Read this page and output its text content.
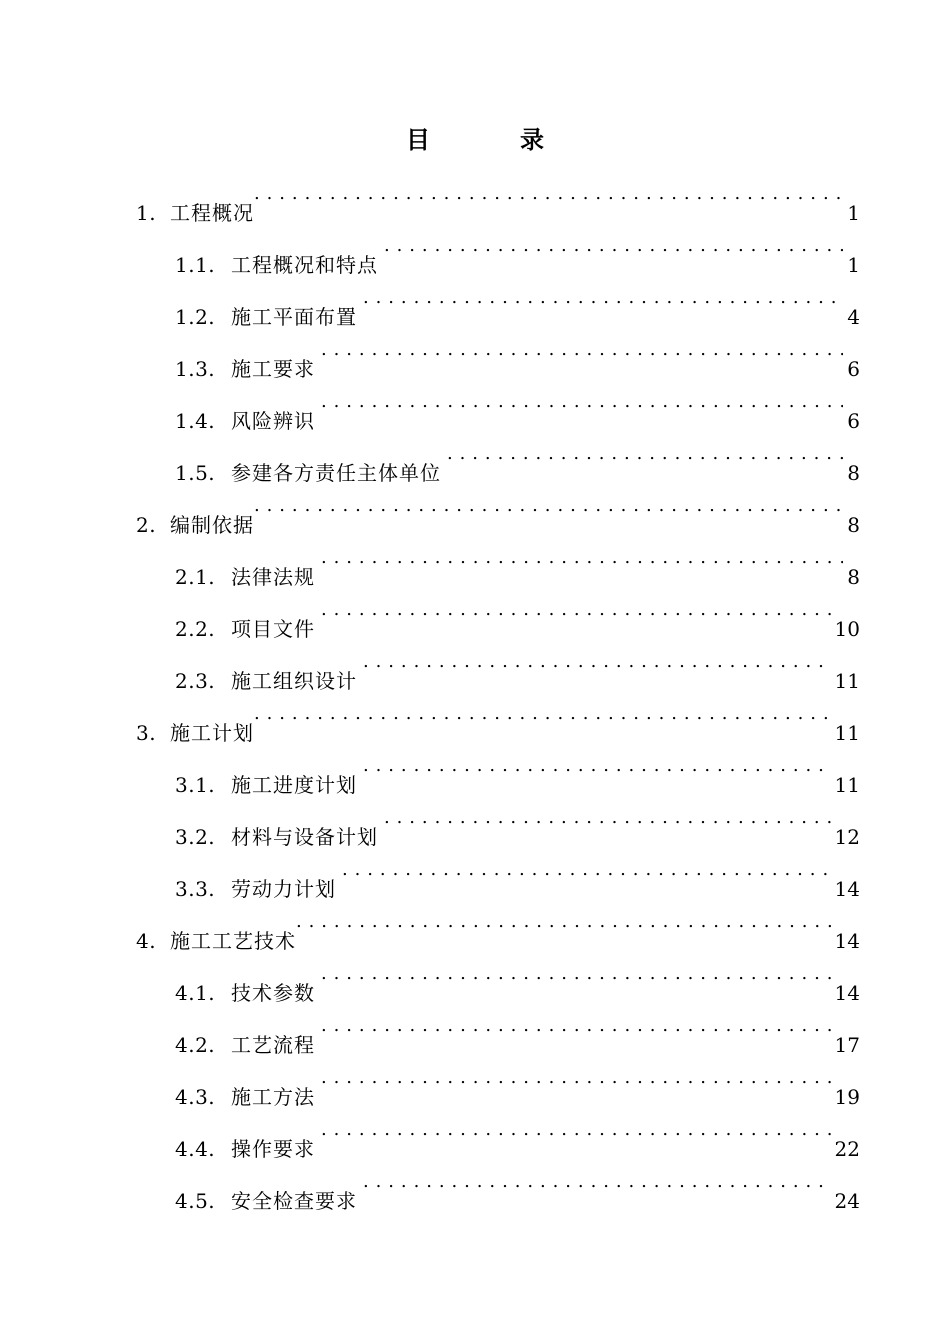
目	录
1. 工程概况 . . .	1
1.1. 工程概况和特点 . . .	1
1.2. 施工平面布置 . . .	4
1.3. 施工要求 . . .	6
1.4. 风险辨识 . . .	6
1.5. 参建各方责任主体单位 . . .	8
2. 编制依据 . . .	8
2.1. 法律法规 . . .	8
2.2. 项目文件 . . .	10
2.3. 施工组织设计 . . .	11
3. 施工计划 . . .	11
3.1. 施工进度计划 . . .	11
3.2. 材料与设备计划 . . .	12
3.3. 劳动力计划 . . .	14
4. 施工工艺技术 . . .	14
4.1. 技术参数 . . .	14
4.2. 工艺流程 . . .	17
4.3. 施工方法 . . .	19
4.4. 操作要求 . . .	22
4.5. 安全检查要求 . . .	24
